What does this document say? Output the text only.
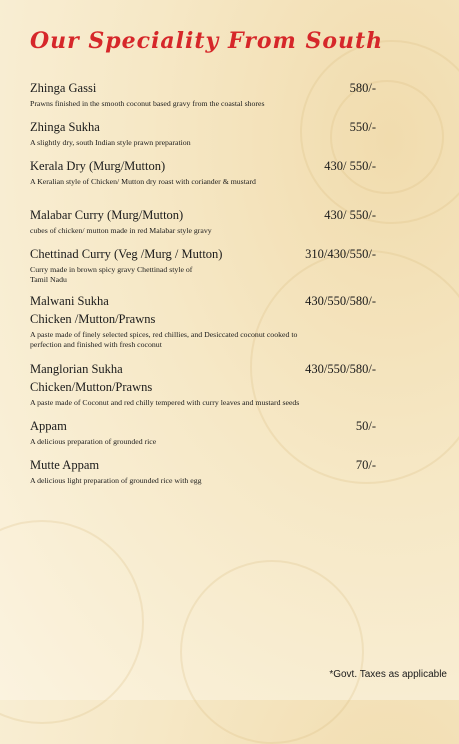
Our Speciality From South
Zhinga Gassi	580/-
Prawns finished in the smooth coconut based gravy from the coastal shores
Zhinga Sukha	550/-
A slightly dry, south Indian style prawn preparation
Kerala Dry (Murg/Mutton)	430/ 550/-
A Keralian style of Chicken/ Mutton dry roast with coriander & mustard
Malabar Curry (Murg/Mutton)	430/ 550/-
cubes of chicken/ mutton made in red Malabar style gravy
Chettinad Curry (Veg /Murg / Mutton)	310/430/550/-
Curry made in brown spicy gravy Chettinad style of Tamil Nadu
Malwani Sukha	430/550/580/-
Chicken /Mutton/Prawns
A paste made of finely selected spices, red chillies, and Desiccated coconut cooked to perfection and finished with fresh coconut
Manglorian Sukha	430/550/580/-
Chicken/Mutton/Prawns
A paste made of Coconut and red chilly tempered with curry leaves and mustard seeds
Appam	50/-
A delicious preparation of grounded rice
Mutte Appam	70/-
A delicious light preparation of grounded rice with egg
*Govt. Taxes as applicable
